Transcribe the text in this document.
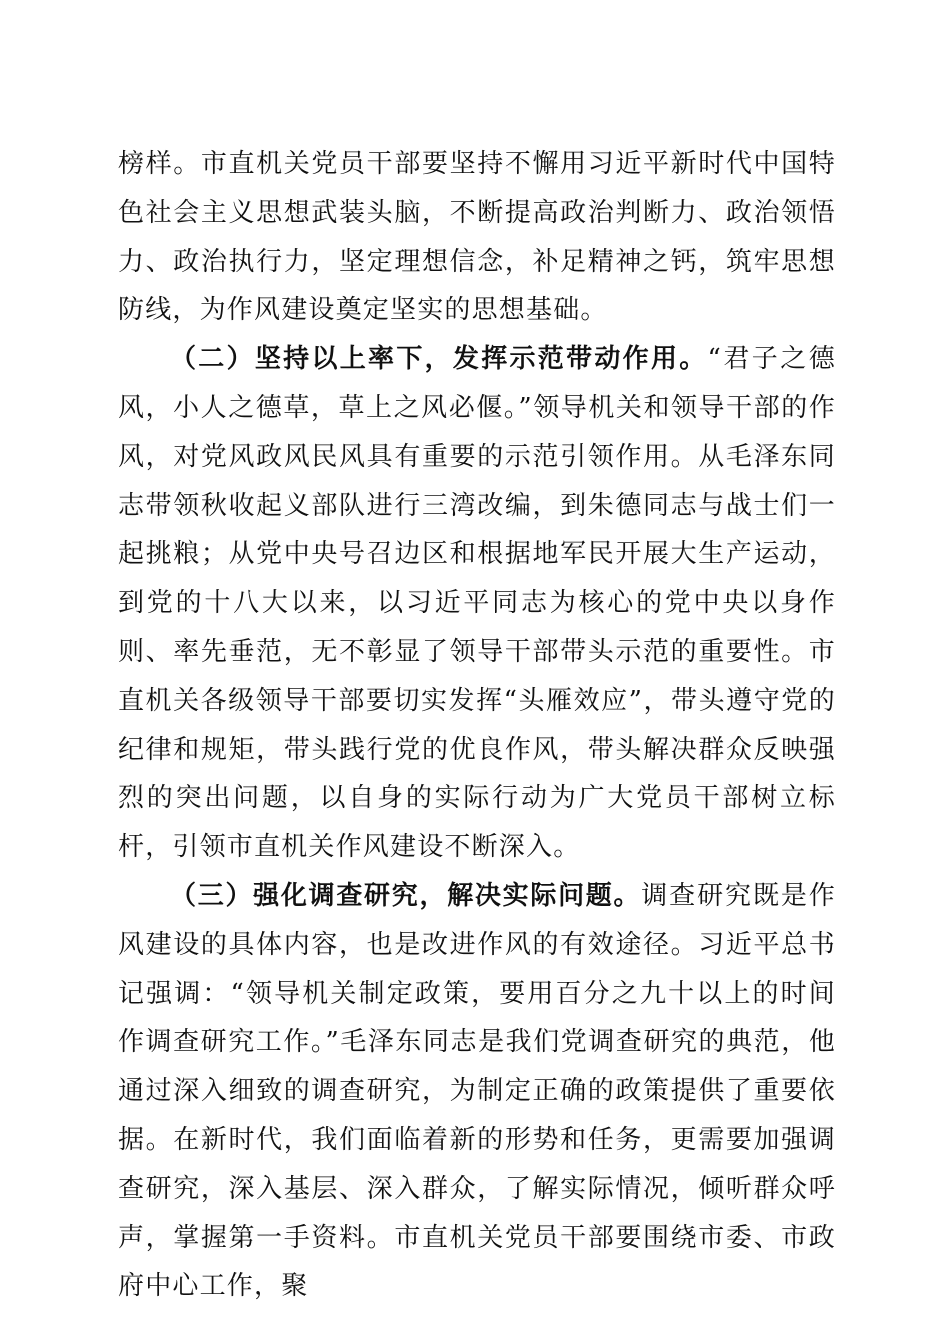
榜样。市直机关党员干部要坚持不懈用习近平新时代中国特色社会主义思想武装头脑，不断提高政治判断力、政治领悟力、政治执行力，坚定理想信念，补足精神之钙，筑牢思想防线，为作风建设奠定坚实的思想基础。

（二）坚持以上率下，发挥示范带动作用。“君子之德风，小人之德草，草上之风必偃。”领导机关和领导干部的作风，对党风政风民风具有重要的示范引领作用。从毛泽东同志带领秋收起义部队进行三湾改编，到朱德同志与战士们一起挑粮；从党中央号召边区和根据地军民开展大生产运动，到党的十八大以来，以习近平同志为核心的党中央以身作则、率先垂范，无不彰显了领导干部带头示范的重要性。市直机关各级领导干部要切实发挥“头雁效应”，带头遵守党的纪律和规矩，带头践行党的优良作风，带头解决群众反映强烈的突出问题，以自身的实际行动为广大党员干部树立标杆，引领市直机关作风建设不断深入。

（三）强化调查研究，解决实际问题。调查研究既是作风建设的具体内容，也是改进作风的有效途径。习近平总书记强调：“领导机关制定政策，要用百分之九十以上的时间作调查研究工作。”毛泽东同志是我们党调查研究的典范，他通过深入细致的调查研究，为制定正确的政策提供了重要依据。在新时代，我们面临着新的形势和任务，更需要加强调查研究，深入基层、深入群众，了解实际情况，倾听群众呼声，掌握第一手资料。市直机关党员干部要围绕市委、市政府中心工作，聚
